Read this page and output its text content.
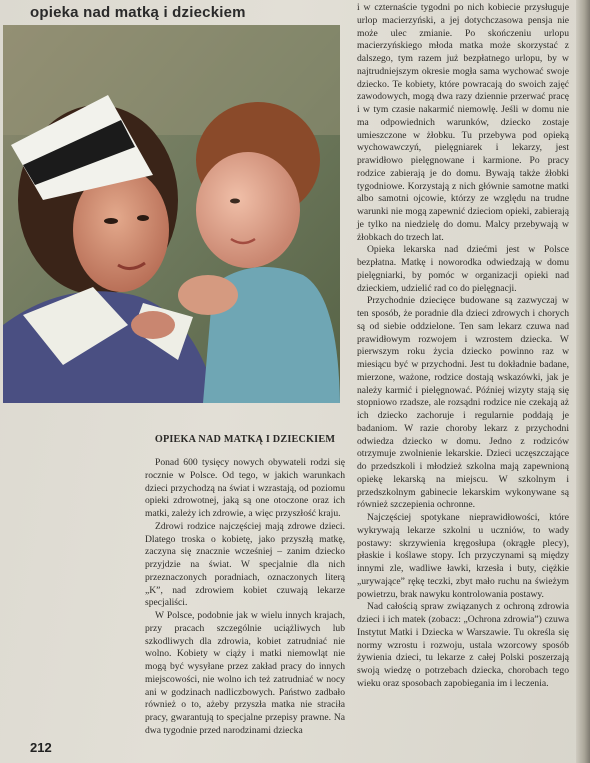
opieka nad matką i dzieckiem
OPIEKA NAD MATKĄ I DZIECKIEM

Ponad 600 tysięcy nowych obywateli rodzi się rocznie w Polsce. Od tego, w jakich warunkach dzieci przychodzą na świat i wzrastają, od poziomu opieki zdrowotnej, jaką są one otoczone oraz ich matki, zależy ich zdrowie, a więc przyszłość kraju.

Zdrowi rodzice najczęściej mają zdrowe dzieci. Dlatego troska o kobietę, jako przyszłą matkę, zaczyna się znacznie wcześniej – zanim dziecko przyjdzie na świat. W specjalnie dla nich przeznaczonych poradniach, oznaczonych literą „K”, nad zdrowiem kobiet czuwają lekarze specjaliści.

W Polsce, podobnie jak w wielu innych krajach, przy pracach szczególnie uciążliwych lub szkodliwych dla zdrowia, kobiet zatrudniać nie wolno. Kobiety w ciąży i matki niemowląt nie mogą być wysyłane przez zakład pracy do innych miejscowości, nie wolno ich też zatrudniać w nocy ani w godzinach nadliczbowych. Państwo zadbało również o to, ażeby przyszła matka nie straciła pracy, gwarantują to specjalne przepisy prawne. Na dwa tygodnie przed narodzinami dziecka

i w czternaście tygodni po nich kobiecie przysługuje urlop macierzyński, a jej dotychczasowa pensja nie może ulec zmianie. Po skończeniu urlopu macierzyńskiego młoda matka może skorzystać z dalszego, tym razem już bezpłatnego urlopu, by w najtrudniejszym okresie mogła sama wychować swoje dziecko. Te kobiety, które powracają do swoich zajęć zawodowych, mogą dwa razy dziennie przerwać pracę i w tym czasie nakarmić niemowlę. Jeśli w domu nie ma odpowiednich warunków, dziecko zostaje umieszczone w żłobku. Tu przebywa pod opieką wychowawczyń, pielęgniarek i lekarzy, jest prawidłowo pielęgnowane i karmione. Po pracy rodzice zabierają je do domu. Bywają także żłobki tygodniowe. Korzystają z nich głównie samotne matki albo samotni ojcowie, którzy ze względu na trudne warunki nie mogą zapewnić dzieciom opieki, zabierają je tylko na niedzielę do domu. Malcy przebywają w żłobkach do trzech lat.

Opieka lekarska nad dziećmi jest w Polsce bezpłatna. Matkę i noworodka odwiedzają w domu pielęgniarki, by pomóc w organizacji opieki nad dzieckiem, udzielić rad co do pielęgnacji.

Przychodnie dziecięce budowane są zazwyczaj w ten sposób, że poradnie dla dzieci zdrowych i chorych są od siebie oddzielone. Ten sam lekarz czuwa nad prawidłowym rozwojem i wzrostem dziecka. W pierwszym roku życia dziecko powinno raz w miesiącu być w przychodni. Jest tu dokładnie badane, mierzone, ważone, rodzice dostają wskazówki, jak je należy karmić i pielęgnować. Później wizyty stają się stopniowo rzadsze, ale rozsądni rodzice nie czekają aż ich dziecko zachoruje i regularnie poddają je badaniom. W razie choroby lekarz z przychodni odwiedza dziecko w domu. Jedno z rodziców otrzymuje zwolnienie lekarskie. Dzieci uczęszczające do przedszkoli i młodzież szkolna mają zapewnioną opiekę lekarską na miejscu. W szkolnym i przedszkolnym gabinecie lekarskim wykonywane są również szczepienia ochronne.

Najczęściej spotykane nieprawidłowości, które wykrywają lekarze szkolni u uczniów, to wady postawy: skrzywienia kręgosłupa (okrągłe plecy), płaskie i koślawe stopy. Ich przyczynami są między innymi zle, wadliwe ławki, krzesła i buty, ciężkie „urywające” rękę teczki, zbyt mało ruchu na świeżym powietrzu, brak nawyku kontrolowania postawy.

Nad całością spraw związanych z ochroną zdrowia dzieci i ich matek (zobacz: „Ochrona zdrowia”) czuwa Instytut Matki i Dziecka w Warszawie. Tu określa się normy wzrostu i rozwoju, ustala wzorcowy sposób żywienia dzieci, tu lekarze z całej Polski poszerzają swoją wiedzę o potrzebach dziecka, chorobach tego wieku oraz sposobach zapobiegania im i leczenia.

212
